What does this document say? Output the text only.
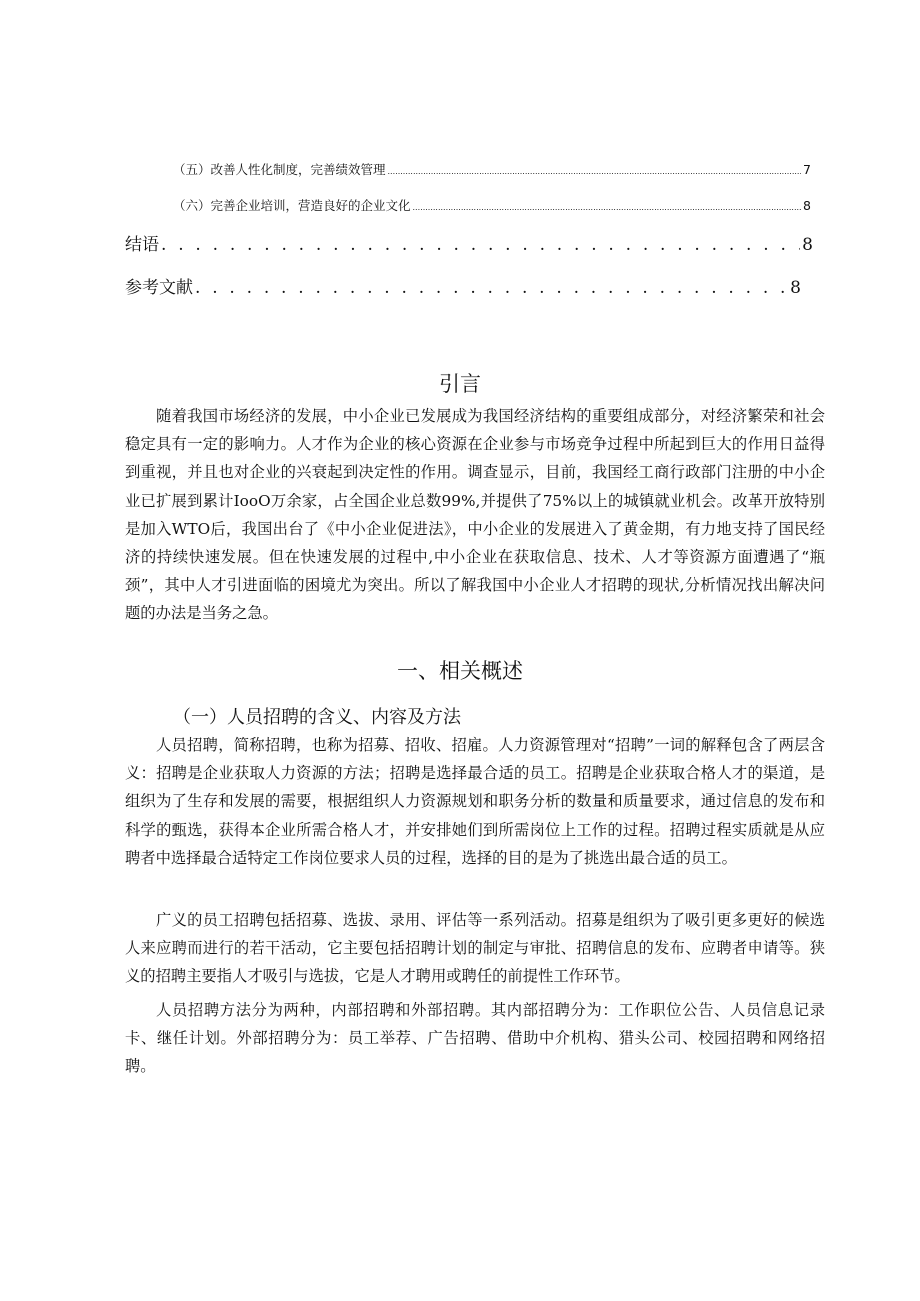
（五）改善人性化制度，完善绩效管理 .....	7
（六）完善企业培训，营造良好的企业文化 .....	8
结语 . . .	8
参考文献 . . .	8
引言

随着我国市场经济的发展，中小企业已发展成为我国经济结构的重要组成部分，对经济繁荣和社会稳定具有一定的影响力。人才作为企业的核心资源在企业参与市场竞争过程中所起到巨大的作用日益得到重视，并且也对企业的兴衰起到决定性的作用。调查显示，目前，我国经工商行政部门注册的中小企业已扩展到累计IooO万余家，占全国企业总数99%,并提供了75%以上的城镇就业机会。改革开放特别是加入WTO后，我国出台了《中小企业促进法》，中小企业的发展进入了黄金期，有力地支持了国民经济的持续快速发展。但在快速发展的过程中,中小企业在获取信息、技术、人才等资源方面遭遇了“瓶颈”，其中人才引进面临的困境尤为突出。所以了解我国中小企业人才招聘的现状,分析情况找出解决问题的办法是当务之急。

一、相关概述
（一）人员招聘的含义、内容及方法

人员招聘，简称招聘，也称为招募、招收、招雇。人力资源管理对“招聘”一词的解释包含了两层含义：招聘是企业获取人力资源的方法；招聘是选择最合适的员工。招聘是企业获取合格人才的渠道，是组织为了生存和发展的需要，根据组织人力资源规划和职务分析的数量和质量要求，通过信息的发布和科学的甄选，获得本企业所需合格人才，并安排她们到所需岗位上工作的过程。招聘过程实质就是从应聘者中选择最合适特定工作岗位要求人员的过程，选择的目的是为了挑选出最合适的员工。

广义的员工招聘包括招募、选拔、录用、评估等一系列活动。招募是组织为了吸引更多更好的候选人来应聘而进行的若干活动，它主要包括招聘计划的制定与审批、招聘信息的发布、应聘者申请等。狭义的招聘主要指人才吸引与选拔，它是人才聘用或聘任的前提性工作环节。

人员招聘方法分为两种，内部招聘和外部招聘。其内部招聘分为：工作职位公告、人员信息记录卡、继任计划。外部招聘分为：员工举荐、广告招聘、借助中介机构、猎头公司、校园招聘和网络招聘。
